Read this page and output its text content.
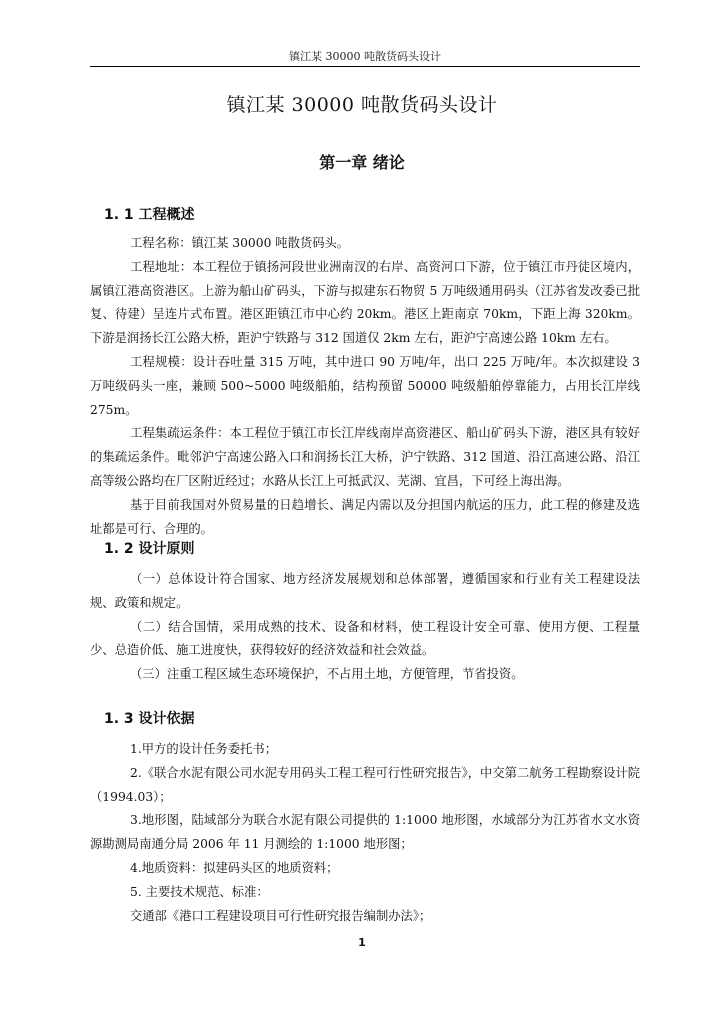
镇江某 30000 吨散货码头设计
镇江某 30000 吨散货码头设计
第一章 绪论
1. 1 工程概述

工程名称：镇江某 30000 吨散货码头。

工程地址：本工程位于镇扬河段世业洲南汊的右岸、高资河口下游，位于镇江市丹徒区境内，属镇江港高资港区。上游为船山矿码头，下游与拟建东石物贸 5 万吨级通用码头（江苏省发改委已批复、待建）呈连片式布置。港区距镇江市中心约 20km。港区上距南京 70km，下距上海 320km。下游是润扬长江公路大桥，距沪宁铁路与 312 国道仅 2km 左右，距沪宁高速公路 10km 左右。

工程规模：设计吞吐量 315 万吨，其中进口 90 万吨/年，出口 225 万吨/年。本次拟建设 3 万吨级码头一座，兼顾 500~5000 吨级船舶，结构预留 50000 吨级船舶停靠能力，占用长江岸线 275m。

工程集疏运条件：本工程位于镇江市长江岸线南岸高资港区、船山矿码头下游，港区具有较好的集疏运条件。毗邻沪宁高速公路入口和润扬长江大桥，沪宁铁路、312 国道、沿江高速公路、沿江高等级公路均在厂区附近经过；水路从长江上可抵武汉、芜湖、宜昌，下可经上海出海。

基于目前我国对外贸易量的日趋增长、满足内需以及分担国内航运的压力，此工程的修建及选址都是可行、合理的。

1. 2 设计原则

（一）总体设计符合国家、地方经济发展规划和总体部署，遵循国家和行业有关工程建设法规、政策和规定。

（二）结合国情，采用成熟的技术、设备和材料，使工程设计安全可靠、使用方便、工程量少、总造价低、施工进度快，获得较好的经济效益和社会效益。

（三）注重工程区域生态环境保护，不占用土地，方便管理，节省投资。

1. 3 设计依据

1.甲方的设计任务委托书；

2.《联合水泥有限公司水泥专用码头工程工程可行性研究报告》，中交第二航务工程勘察设计院（1994.03）；

3.地形图，陆域部分为联合水泥有限公司提供的 1:1000 地形图，水域部分为江苏省水文水资源勘测局南通分局 2006 年 11 月测绘的 1:1000 地形图；

4.地质资料：拟建码头区的地质资料；

5. 主要技术规范、标准：

交通部《港口工程建设项目可行性研究报告编制办法》；

1
